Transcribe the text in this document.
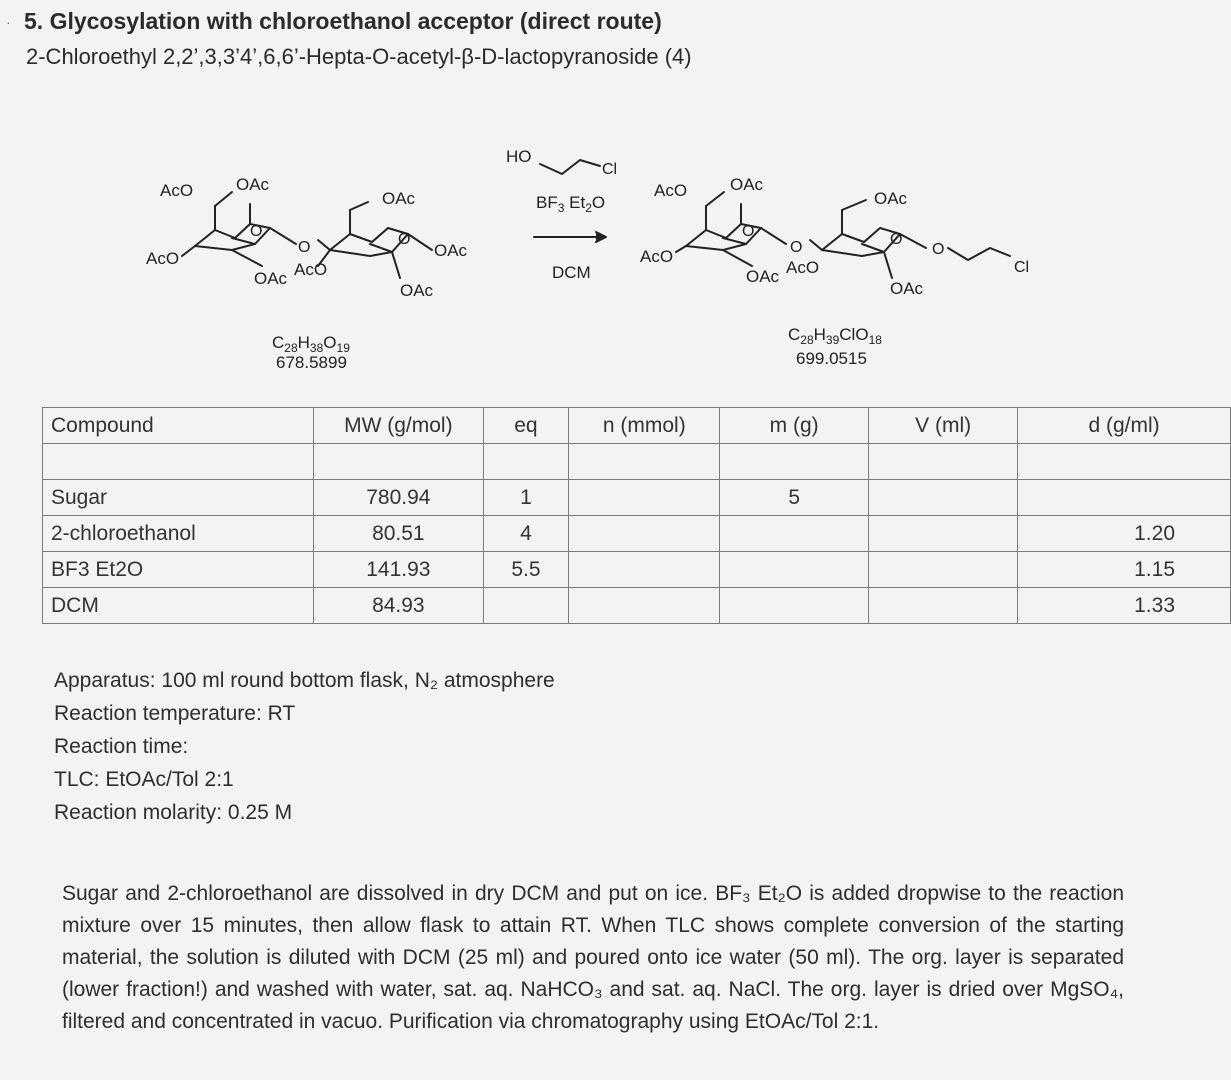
· 5. Glycosylation with chloroethanol acceptor (direct route)
2-Chloroethyl 2,2’,3,3’4’,6,6’-Hepta-O-acetyl-β-D-lactopyranoside (4)
AcO	OAc
O
AcO
O
OAc AcO
OAc
O
OAc
OAc
$C_{28}H_{38}O_{19}$
678.5899
HO
Cl
$BF_3$ $Et_2O$
DCM
AcO	OAc
O
AcO	O
OAc AcO
OAc
O
O
Cl
OAc
$C_{28}H_{39}ClO_{18}$
699.0515
Compound	MW (g/mol)	eq	n (mmol)	m (g)	V (ml)	d (g/ml)

Sugar	780.94	1		5		
2-chloroethanol	80.51	4				1.20
BF3 Et2O	141.93	5.5				1.15
DCM	84.93					1.33
Apparatus: 100 ml round bottom flask, N₂ atmosphere
Reaction temperature: RT
Reaction time:
TLC: EtOAc/Tol 2:1
Reaction molarity: 0.25 M
Sugar and 2-chloroethanol are dissolved in dry DCM and put on ice. BF₃ Et₂O is added dropwise to the reaction mixture over 15 minutes, then allow flask to attain RT. When TLC shows complete conversion of the starting material, the solution is diluted with DCM (25 ml) and poured onto ice water (50 ml). The org. layer is separated (lower fraction!) and washed with water, sat. aq. NaHCO₃ and sat. aq. NaCl. The org. layer is dried over MgSO₄, filtered and concentrated in vacuo. Purification via chromatography using EtOAc/Tol 2:1.
